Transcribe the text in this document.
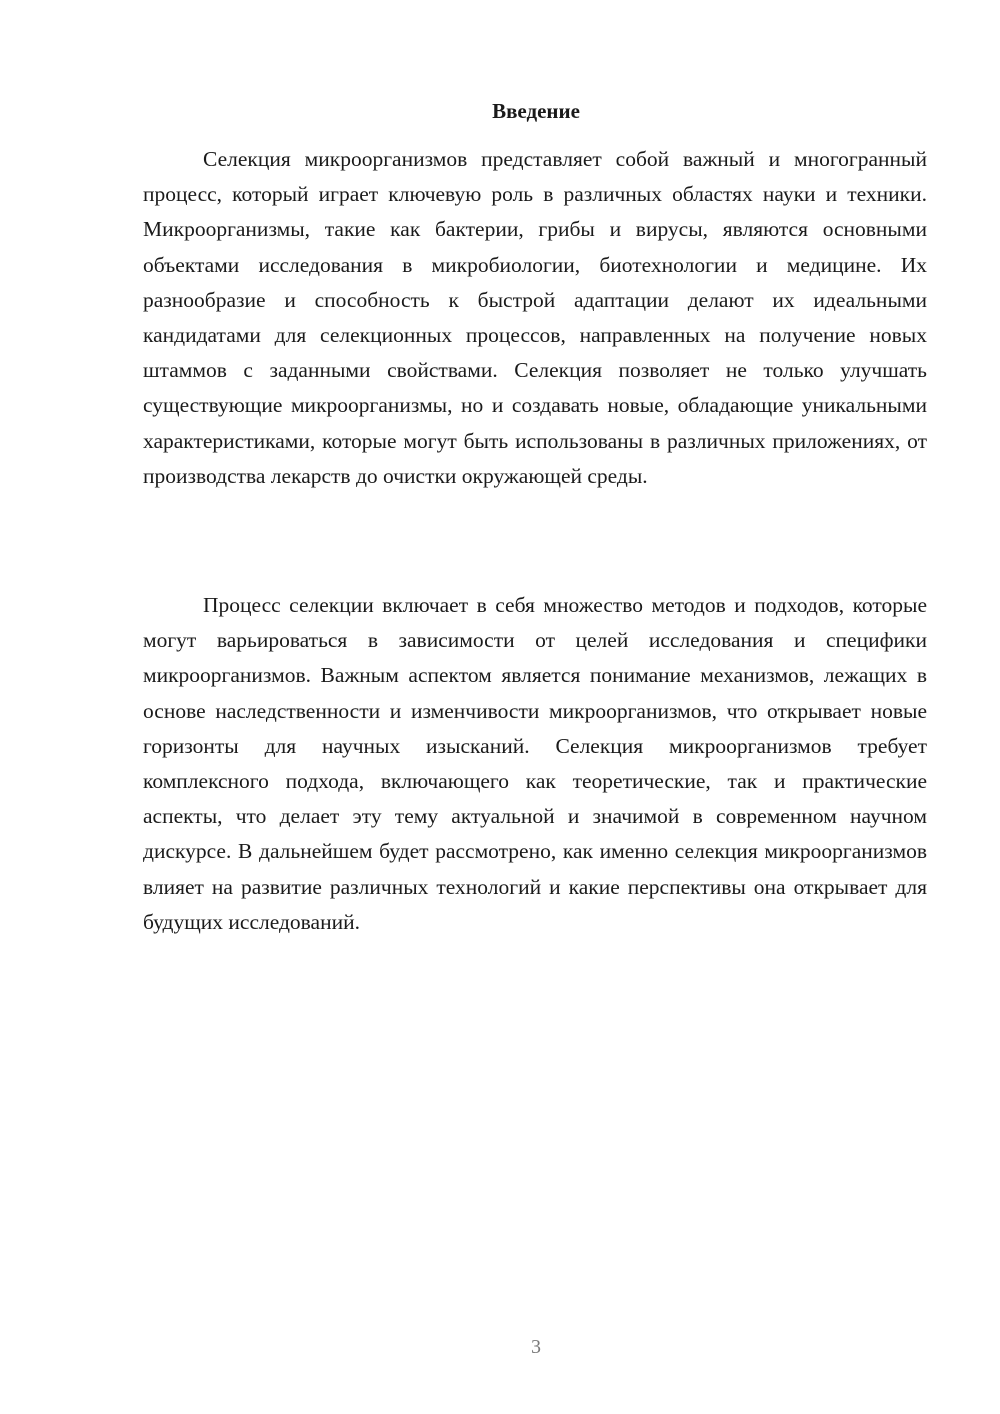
Введение

Селекция микроорганизмов представляет собой важный и многогранный процесс, который играет ключевую роль в различных областях науки и техники. Микроорганизмы, такие как бактерии, грибы и вирусы, являются основными объектами исследования в микробиологии, биотехнологии и медицине. Их разнообразие и способность к быстрой адаптации делают их идеальными кандидатами для селекционных процессов, направленных на получение новых штаммов с заданными свойствами. Селекция позволяет не только улучшать существующие микроорганизмы, но и создавать новые, обладающие уникальными характеристиками, которые могут быть использованы в различных приложениях, от производства лекарств до очистки окружающей среды.

Процесс селекции включает в себя множество методов и подходов, которые могут варьироваться в зависимости от целей исследования и специфики микроорганизмов. Важным аспектом является понимание механизмов, лежащих в основе наследственности и изменчивости микроорганизмов, что открывает новые горизонты для научных изысканий. Селекция микроорганизмов требует комплексного подхода, включающего как теоретические, так и практические аспекты, что делает эту тему актуальной и значимой в современном научном дискурсе. В дальнейшем будет рассмотрено, как именно селекция микроорганизмов влияет на развитие различных технологий и какие перспективы она открывает для будущих исследований.

3
